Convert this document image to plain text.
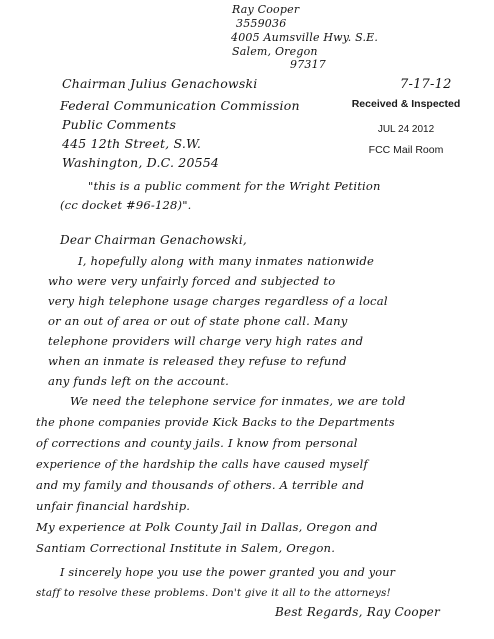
Ray Cooper
3559036
4005 Aumsville Hwy. S.E.
Salem, Oregon
97317
Chairman Julius Genachowski
Federal Communication Commission
Public Comments
445 12th Street, S.W.
Washington, D.C. 20554
7-17-12
Received & Inspected
JUL 24 2012
FCC Mail Room
"this is a public comment for the Wright Petition
(cc docket #96-128)".
Dear Chairman Genachowski,
I, hopefully along with many inmates nationwide
who were very unfairly forced and subjected to
very high telephone usage charges regardless of a local
or an out of area or out of state phone call. Many
telephone providers will charge very high rates and
when an inmate is released they refuse to refund
any funds left on the account.
We need the telephone service for inmates, we are told
the phone companies provide Kick Backs to the Departments
of corrections and county jails. I know from personal
experience of the hardship the calls have caused myself
and my family and thousands of others. A terrible and
unfair financial hardship.
My experience at Polk County Jail in Dallas, Oregon and
Santiam Correctional Institute in Salem, Oregon.
I sincerely hope you use the power granted you and your
staff to resolve these problems. Don't give it all to the attorneys!
Best Regards, Ray Cooper
